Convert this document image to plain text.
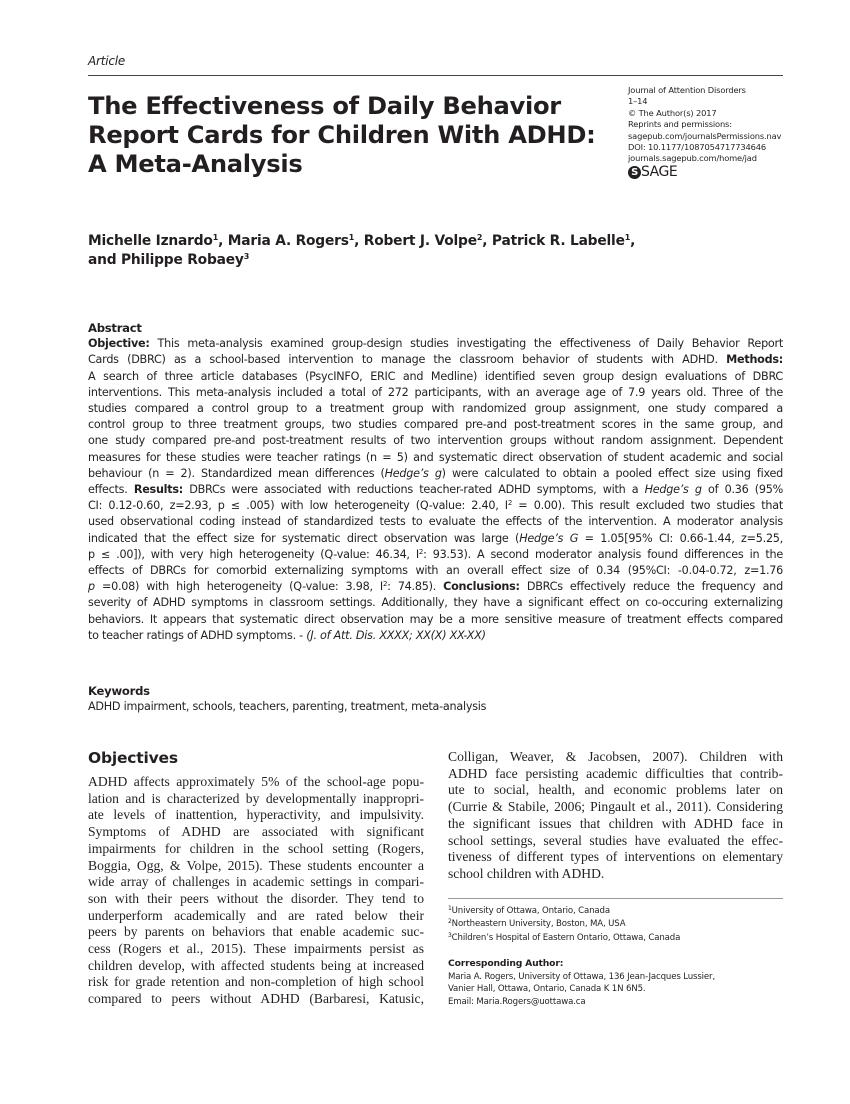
Article
The Effectiveness of Daily Behavior
Report Cards for Children With ADHD:
A Meta-Analysis
Journal of Attention Disorders
1–14
© The Author(s) 2017
Reprints and permissions:
sagepub.com/journalsPermissions.nav
DOI: 10.1177/1087054717734646
journals.sagepub.com/home/jad
S SAGE
Michelle Iznardo$^1$, Maria A. Rogers$^1$, Robert J. Volpe$^2$, Patrick R. Labelle$^1$,
and Philippe Robaey$^3$
Abstract
Objective: This meta-analysis examined group-design studies investigating the effectiveness of Daily Behavior Report
Cards (DBRC) as a school-based intervention to manage the classroom behavior of students with ADHD. Methods:
A search of three article databases (PsycINFO, ERIC and Medline) identified seven group design evaluations of DBRC
interventions. This meta-analysis included a total of 272 participants, with an average age of 7.9 years old. Three of the
studies compared a control group to a treatment group with randomized group assignment, one study compared a
control group to three treatment groups, two studies compared pre-and post-treatment scores in the same group, and
one study compared pre-and post-treatment results of two intervention groups without random assignment. Dependent
measures for these studies were teacher ratings (n = 5) and systematic direct observation of student academic and social
behaviour (n = 2). Standardized mean differences (Hedge’s g) were calculated to obtain a pooled effect size using fixed
effects. Results: DBRCs were associated with reductions teacher-rated ADHD symptoms, with a Hedge’s g of 0.36 (95%
CI: 0.12-0.60, z=2.93, p ≤ .005) with low heterogeneity (Q-value: 2.40, $I^2 = 0.00$). This result excluded two studies that
used observational coding instead of standardized tests to evaluate the effects of the intervention. A moderator analysis
indicated that the effect size for systematic direct observation was large (Hedge’s G = 1.05[95% CI: 0.66-1.44, z=5.25,
p ≤ .00]), with very high heterogeneity (Q-value: 46.34, $I^2$: 93.53). A second moderator analysis found differences in the
effects of DBRCs for comorbid externalizing symptoms with an overall effect size of 0.34 (95%CI: -0.04-0.72, z=1.76
p =0.08) with high heterogeneity (Q-value: 3.98, $I^2$: 74.85). Conclusions: DBRCs effectively reduce the frequency and
severity of ADHD symptoms in classroom settings. Additionally, they have a significant effect on co-occuring externalizing
behaviors. It appears that systematic direct observation may be a more sensitive measure of treatment effects compared
to teacher ratings of ADHD symptoms. - (J. of Att. Dis. XXXX; XX(X) XX-XX)
Keywords
ADHD impairment, schools, teachers, parenting, treatment, meta-analysis
Objectives
ADHD affects approximately 5% of the school-age popu-
lation and is characterized by developmentally inappropri-
ate levels of inattention, hyperactivity, and impulsivity.
Symptoms of ADHD are associated with significant
impairments for children in the school setting (Rogers,
Boggia, Ogg, & Volpe, 2015). These students encounter a
wide array of challenges in academic settings in compari-
son with their peers without the disorder. They tend to
underperform academically and are rated below their
peers by parents on behaviors that enable academic suc-
cess (Rogers et al., 2015). These impairments persist as
children develop, with affected students being at increased
risk for grade retention and non-completion of high school
compared to peers without ADHD (Barbaresi, Katusic,
Colligan, Weaver, & Jacobsen, 2007). Children with
ADHD face persisting academic difficulties that contrib-
ute to social, health, and economic problems later on
(Currie & Stabile, 2006; Pingault et al., 2011). Considering
the significant issues that children with ADHD face in
school settings, several studies have evaluated the effec-
tiveness of different types of interventions on elementary
school children with ADHD.
$^1$University of Ottawa, Ontario, Canada
$^2$Northeastern University, Boston, MA, USA
$^3$Children’s Hospital of Eastern Ontario, Ottawa, Canada
Corresponding Author:
Maria A. Rogers, University of Ottawa, 136 Jean-Jacques Lussier,
Vanier Hall, Ottawa, Ontario, Canada K 1N 6N5.
Email: Maria.Rogers@uottawa.ca
